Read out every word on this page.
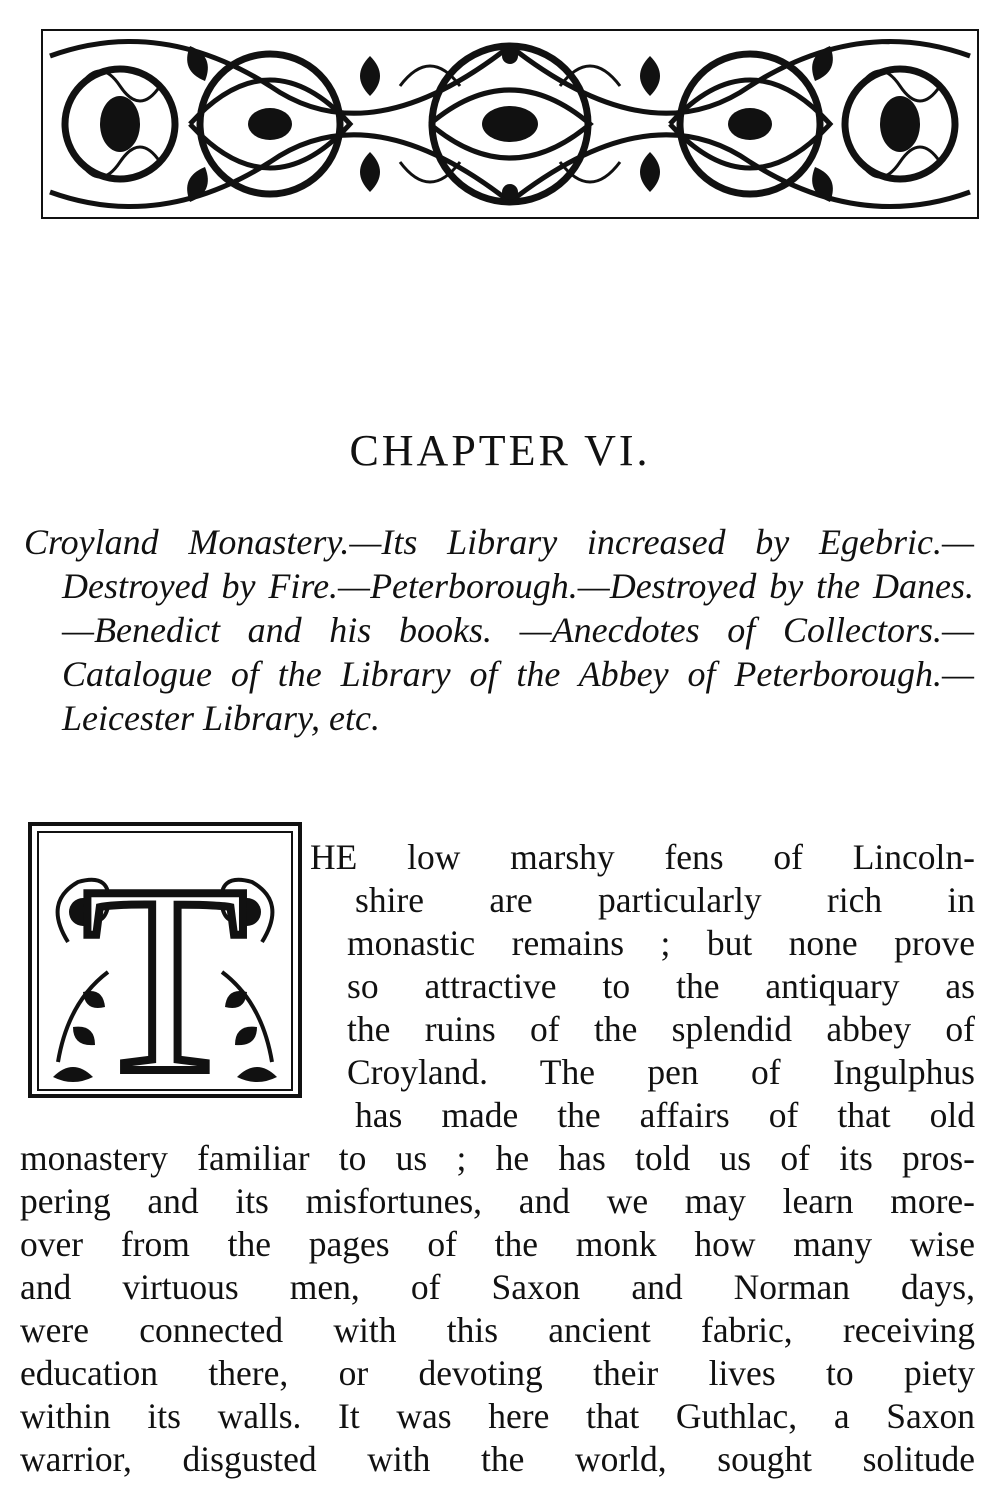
CHAPTER VI.
Croyland Monastery.—Its Library increased by Egebric.—Destroyed by Fire.—Peterborough.—Destroyed by the Danes.—Benedict and his books. —Anecdotes of Collectors.—Catalogue of the Library of the Abbey of Peterborough.—Leicester Library, etc.
T HE low marshy fens of Lincoln-
shire are particularly rich in
monastic remains ; but none prove
so attractive to the antiquary as
the ruins of the splendid abbey of
Croyland. The pen of Ingulphus
has made the affairs of that old
monastery familiar to us ; he has told us of its pros-
pering and its misfortunes, and we may learn more-
over from the pages of the monk how many wise
and virtuous men, of Saxon and Norman days,
were connected with this ancient fabric, receiving
education there, or devoting their lives to piety
within its walls. It was here that Guthlac, a Saxon
warrior, disgusted with the world, sought solitude
